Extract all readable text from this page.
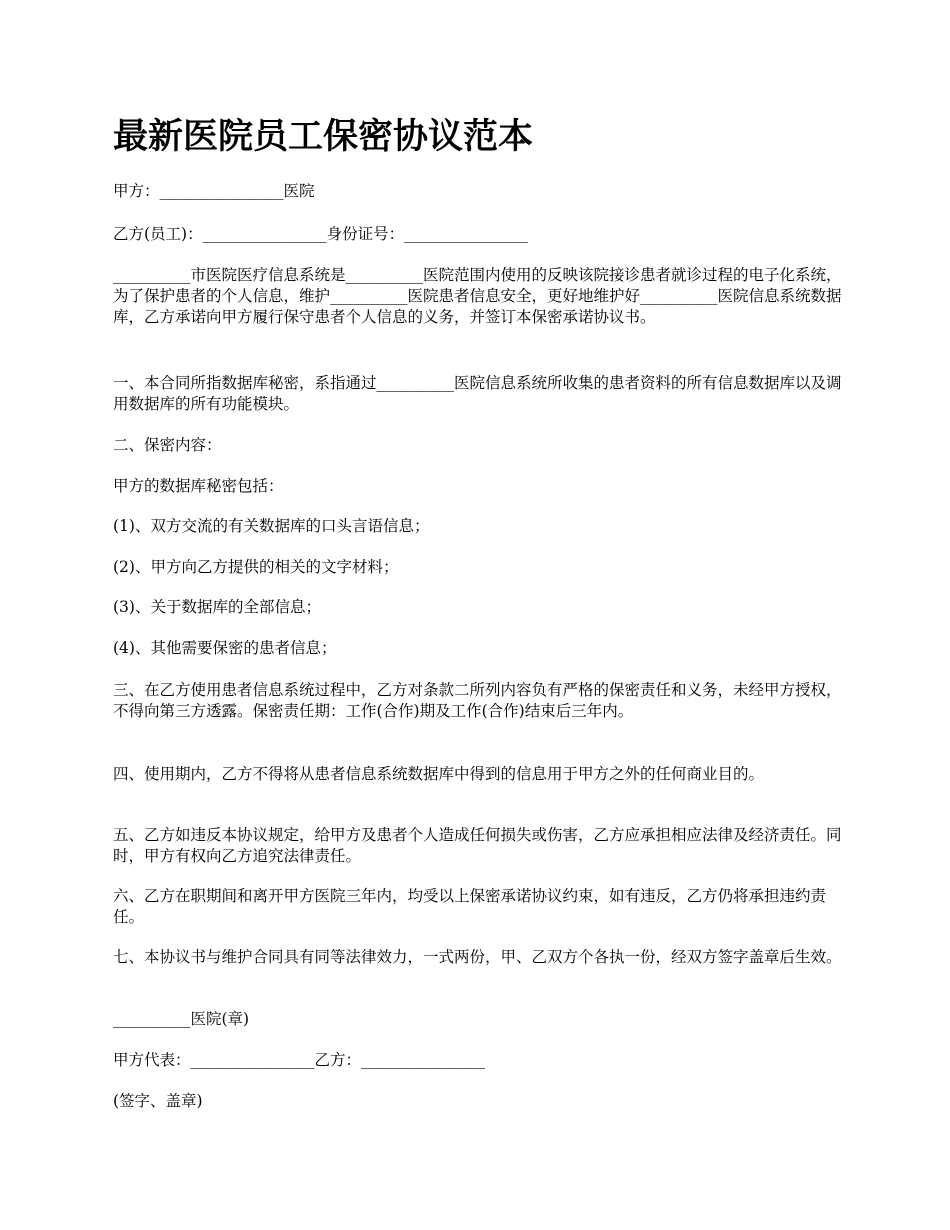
最新医院员工保密协议范本

甲方：________________医院

乙方(员工)：________________身份证号：________________

__________市医院医疗信息系统是__________医院范围内使用的反映该院接诊患者就诊过程的电子化系统，为了保护患者的个人信息，维护__________医院患者信息安全，更好地维护好__________医院信息系统数据库，乙方承诺向甲方履行保守患者个人信息的义务，并签订本保密承诺协议书。

一、本合同所指数据库秘密，系指通过__________医院信息系统所收集的患者资料的所有信息数据库以及调用数据库的所有功能模块。

二、保密内容：

甲方的数据库秘密包括：

(1)、双方交流的有关数据库的口头言语信息；

(2)、甲方向乙方提供的相关的文字材料；

(3)、关于数据库的全部信息；

(4)、其他需要保密的患者信息；

三、在乙方使用患者信息系统过程中，乙方对条款二所列内容负有严格的保密责任和义务，未经甲方授权，不得向第三方透露。保密责任期：工作(合作)期及工作(合作)结束后三年内。

四、使用期内，乙方不得将从患者信息系统数据库中得到的信息用于甲方之外的任何商业目的。

五、乙方如违反本协议规定，给甲方及患者个人造成任何损失或伤害，乙方应承担相应法律及经济责任。同时，甲方有权向乙方追究法律责任。

六、乙方在职期间和离开甲方医院三年内，均受以上保密承诺协议约束，如有违反，乙方仍将承担违约责任。

七、本协议书与维护合同具有同等法律效力，一式两份，甲、乙双方个各执一份，经双方签字盖章后生效。

__________医院(章)

甲方代表：________________乙方：________________

(签字、盖章)
